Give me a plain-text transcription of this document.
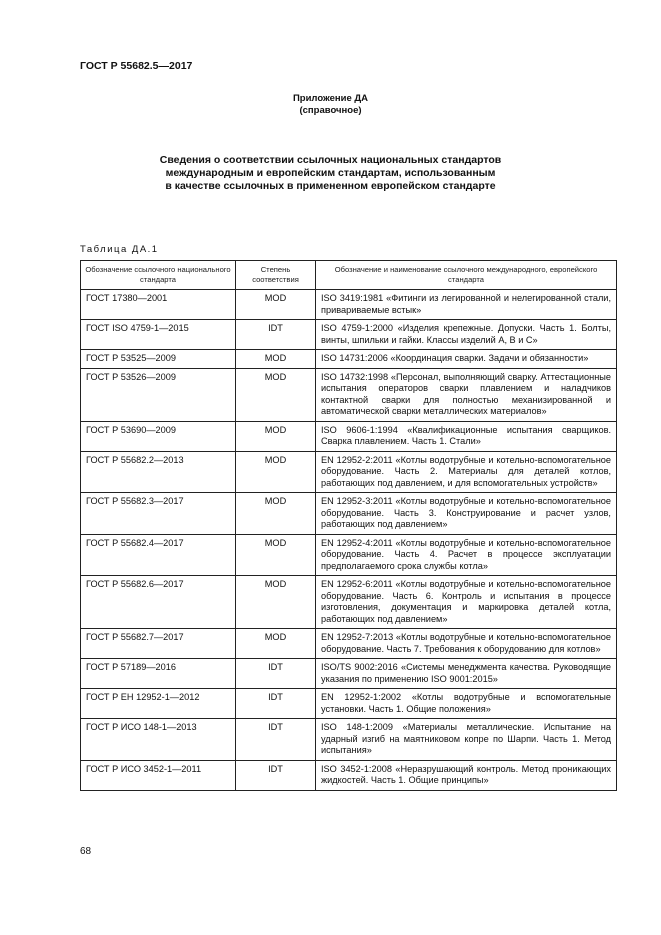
ГОСТ Р 55682.5—2017
Приложение ДА
(справочное)
Сведения о соответствии ссылочных национальных стандартов
международным и европейским стандартам, использованным
в качестве ссылочных в примененном европейском стандарте
Таблица ДА.1
Обозначение ссылочного национального стандарта	Степень соответствия	Обозначение и наименование ссылочного международного, европейского стандарта
ГОСТ 17380—2001	MOD	ISO 3419:1981 «Фитинги из легированной и нелегированной стали, привариваемые встык»
ГОСТ ISO 4759-1—2015	IDT	ISO 4759-1:2000 «Изделия крепежные. Допуски. Часть 1. Болты, винты, шпильки и гайки. Классы изделий А, В и С»
ГОСТ Р 53525—2009	MOD	ISO 14731:2006 «Координация сварки. Задачи и обязанности»
ГОСТ Р 53526—2009	MOD	ISO 14732:1998 «Персонал, выполняющий сварку. Аттестационные испытания операторов сварки плавлением и наладчиков контактной сварки для полностью механизированной и автоматической сварки металлических материалов»
ГОСТ Р 53690—2009	MOD	ISO 9606-1:1994 «Квалификационные испытания сварщиков. Сварка плавлением. Часть 1. Стали»
ГОСТ Р 55682.2—2013	MOD	EN 12952-2:2011 «Котлы водотрубные и котельно-вспомогательное оборудование. Часть 2. Материалы для деталей котлов, работающих под давлением, и для вспомогательных устройств»
ГОСТ Р 55682.3—2017	MOD	EN 12952-3:2011 «Котлы водотрубные и котельно-вспомогательное оборудование. Часть 3. Конструирование и расчет узлов, работающих под давлением»
ГОСТ Р 55682.4—2017	MOD	EN 12952-4:2011 «Котлы водотрубные и котельно-вспомогательное оборудование. Часть 4. Расчет в процессе эксплуатации предполагаемого срока службы котла»
ГОСТ Р 55682.6—2017	MOD	EN 12952-6:2011 «Котлы водотрубные и котельно-вспомогательное оборудование. Часть 6. Контроль и испытания в процессе изготовления, документация и маркировка деталей котла, работающих под давлением»
ГОСТ Р 55682.7—2017	MOD	EN 12952-7:2013 «Котлы водотрубные и котельно-вспомогательное оборудование. Часть 7. Требования к оборудованию для котлов»
ГОСТ Р 57189—2016	IDT	ISO/TS 9002:2016 «Системы менеджмента качества. Руководящие указания по применению ISO 9001:2015»
ГОСТ Р ЕН 12952-1—2012	IDT	EN 12952-1:2002 «Котлы водотрубные и вспомогательные установки. Часть 1. Общие положения»
ГОСТ Р ИСО 148-1—2013	IDT	ISO 148-1:2009 «Материалы металлические. Испытание на ударный изгиб на маятниковом копре по Шарпи. Часть 1. Метод испытания»
ГОСТ Р ИСО 3452-1—2011	IDT	ISO 3452-1:2008 «Неразрушающий контроль. Метод проникающих жидкостей. Часть 1. Общие принципы»
68
